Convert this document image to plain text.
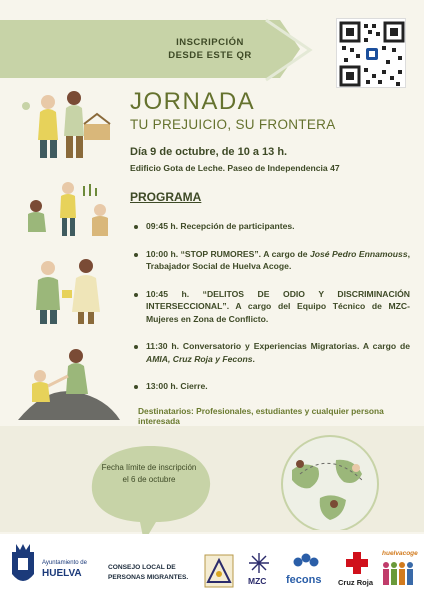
INSCRIPCIÓN
DESDE ESTE QR
JORNADA
TU PREJUICIO, SU FRONTERA
Día 9 de octubre, de 10 a 13 h.
Edificio Gota de Leche. Paseo de Independencia 47
PROGRAMA
09:45 h. Recepción de participantes.
10:00 h. “STOP RUMORES”. A cargo de José Pedro Ennamouss, Trabajador Social de Huelva Acoge.
10:45 h. “DELITOS DE ODIO Y DISCRIMINACIÓN INTERSECCIONAL”. A cargo del Equipo Técnico de MZC-Mujeres en Zona de Conflicto.
11:30 h. Conversatorio y Experiencias Migratorias. A cargo de AMIA, Cruz Roja y Fecons.
13:00 h. Cierre.
Destinatarios: Profesionales, estudiantes y cualquier persona interesada
Fecha límite de inscripción el 6 de octubre
Ayuntamiento de
HUELVA
CONSEJO LOCAL DE
PERSONAS MIGRANTES.	MZC fecons Cruz Roja
huelvacoge
